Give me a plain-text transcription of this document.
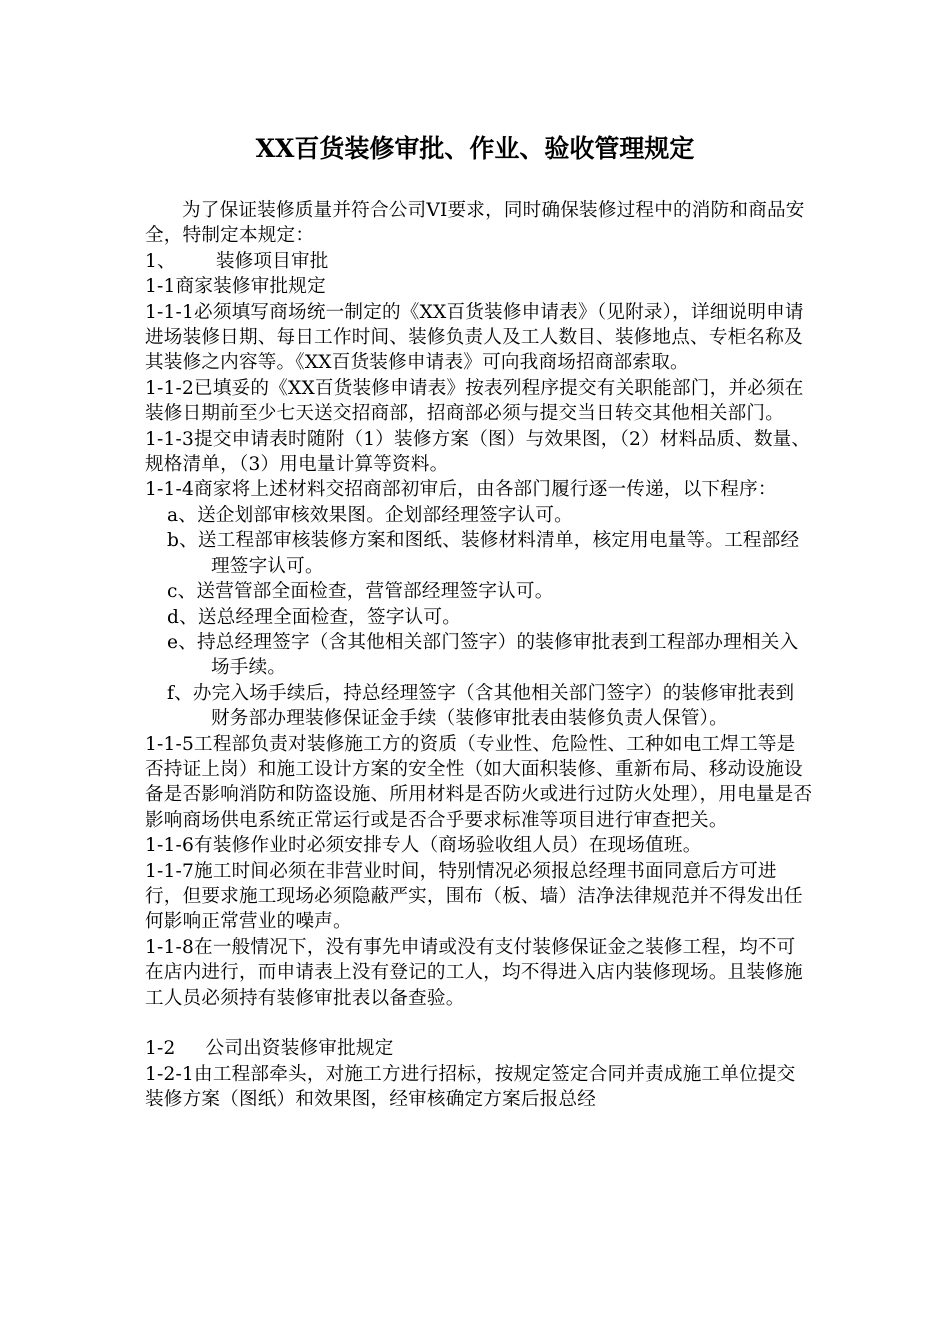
XX百货装修审批、作业、验收管理规定

为了保证装修质量并符合公司VI要求，同时确保装修过程中的消防和商品安全，特制定本规定：

1、 装修项目审批

1-1商家装修审批规定

1-1-1必须填写商场统一制定的《XX百货装修申请表》（见附录），详细说明申请进场装修日期、每日工作时间、装修负责人及工人数目、装修地点、专柜名称及其装修之内容等。《XX百货装修申请表》可向我商场招商部索取。

1-1-2已填妥的《XX百货装修申请表》按表列程序提交有关职能部门，并必须在装修日期前至少七天送交招商部，招商部必须与提交当日转交其他相关部门。

1-1-3提交申请表时随附（1）装修方案（图）与效果图，（2）材料品质、数量、规格清单，（3）用电量计算等资料。

1-1-4商家将上述材料交招商部初审后，由各部门履行逐一传递，以下程序：

a、送企划部审核效果图。企划部经理签字认可。

b、送工程部审核装修方案和图纸、装修材料清单，核定用电量等。工程部经理签字认可。

c、送营管部全面检查，营管部经理签字认可。

d、送总经理全面检查，签字认可。

e、持总经理签字（含其他相关部门签字）的装修审批表到工程部办理相关入场手续。

f、办完入场手续后，持总经理签字（含其他相关部门签字）的装修审批表到财务部办理装修保证金手续（装修审批表由装修负责人保管）。

1-1-5工程部负责对装修施工方的资质（专业性、危险性、工种如电工焊工等是否持证上岗）和施工设计方案的安全性（如大面积装修、重新布局、移动设施设备是否影响消防和防盗设施、所用材料是否防火或进行过防火处理），用电量是否影响商场供电系统正常运行或是否合乎要求标准等项目进行审查把关。

1-1-6有装修作业时必须安排专人（商场验收组人员）在现场值班。

1-1-7施工时间必须在非营业时间，特别情况必须报总经理书面同意后方可进行，但要求施工现场必须隐蔽严实，围布（板、墙）洁净法律规范并不得发出任何影响正常营业的噪声。

1-1-8在一般情况下，没有事先申请或没有支付装修保证金之装修工程，均不可在店内进行，而申请表上没有登记的工人，均不得进入店内装修现场。且装修施工人员必须持有装修审批表以备查验。

1-2 公司出资装修审批规定

1-2-1由工程部牵头，对施工方进行招标，按规定签定合同并责成施工单位提交装修方案（图纸）和效果图，经审核确定方案后报总经
